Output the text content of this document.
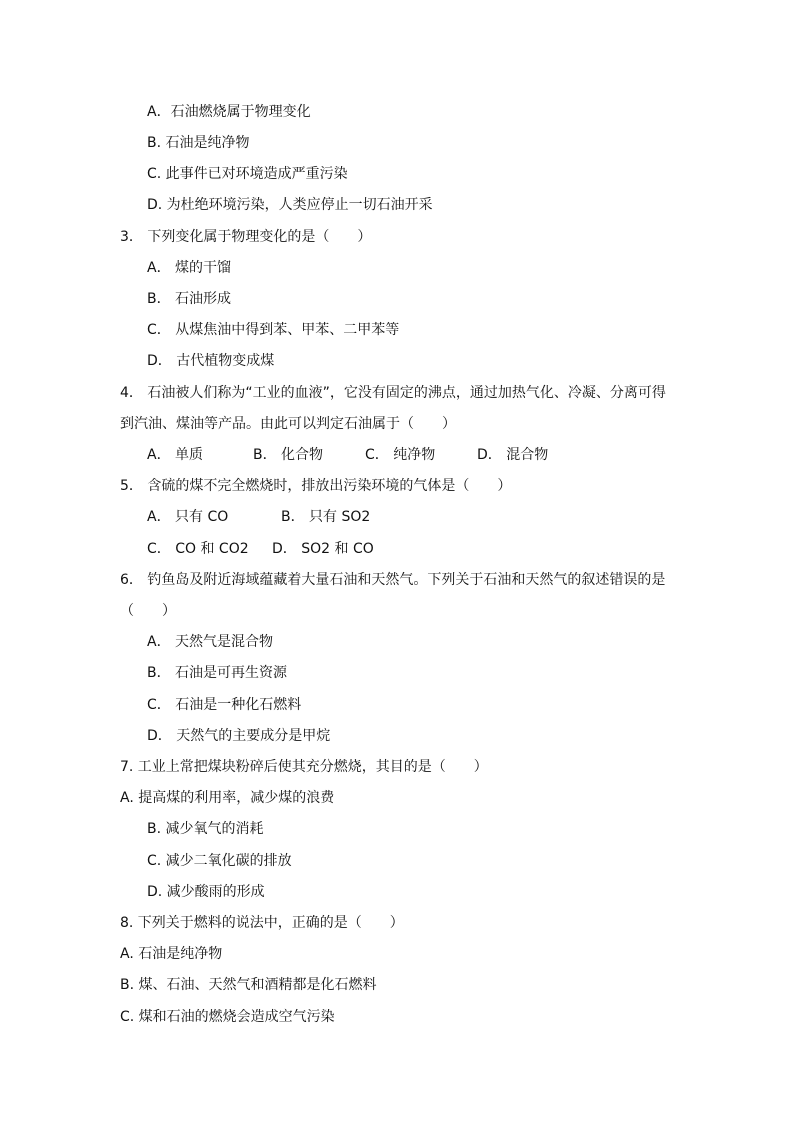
A．石油燃烧属于物理变化
B. 石油是纯净物
C. 此事件已对环境造成严重污染
D. 为杜绝环境污染，人类应停止一切石油开采
3． 下列变化属于物理变化的是（　　）
A． 煤的干馏
B． 石油形成
C． 从煤焦油中得到苯、甲苯、二甲苯等
D． 古代植物变成煤
4． 石油被人们称为“工业的血液”，它没有固定的沸点，通过加热气化、冷凝、分离可得
到汽油、煤油等产品。由此可以判定石油属于（　　）
A． 单质	B． 化合物	C． 纯净物	D． 混合物
5． 含硫的煤不完全燃烧时，排放出污染环境的气体是（　　）
A． 只有 CO	B． 只有 SO2
C． CO 和 CO2 D． SO2 和 CO
6． 钓鱼岛及附近海域蕴藏着大量石油和天然气。下列关于石油和天然气的叙述错误的是
（　　）
A． 天然气是混合物
B． 石油是可再生资源
C． 石油是一种化石燃料
D． 天然气的主要成分是甲烷
7. 工业上常把煤块粉碎后使其充分燃烧，其目的是（　　）
A. 提高煤的利用率，减少煤的浪费
B. 减少氧气的消耗
C. 减少二氧化碳的排放
D. 减少酸雨的形成
8. 下列关于燃料的说法中，正确的是（　　）
A. 石油是纯净物
B. 煤、石油、天然气和酒精都是化石燃料
C. 煤和石油的燃烧会造成空气污染
